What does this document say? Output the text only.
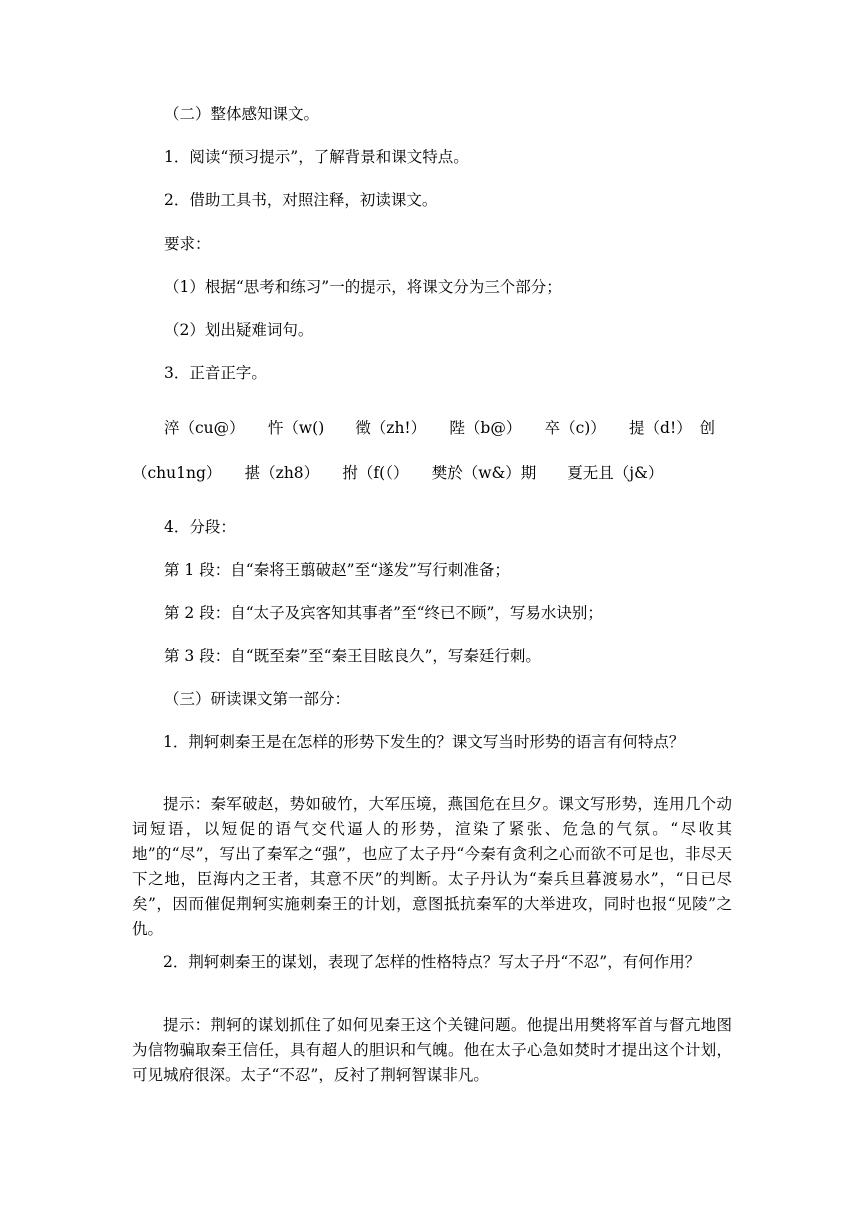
（二）整体感知课文。
1．阅读“预习提示”，了解背景和课文特点。
2．借助工具书，对照注释，初读课文。
要求：
（1）根据“思考和练习”一的提示，将课文分为三个部分；
（2）划出疑难词句。
3．正音正字。
淬（cu@）　　忤（w()　　徵（zh!）　　陛（b@）　　卒（c)）　　提（d!）　创
（chu1ng）　　揕（zh8）　　拊（f(（）　　樊於（w&）期　　夏无且（j&）
4．分段：
第 1 段：自“秦将王翦破赵”至“遂发”写行刺准备；
第 2 段：自“太子及宾客知其事者”至“终已不顾”，写易水诀别；
第 3 段：自“既至秦”至“秦王目眩良久”，写秦廷行刺。
（三）研读课文第一部分：
1．荆轲刺秦王是在怎样的形势下发生的？课文写当时形势的语言有何特点？
提示：秦军破赵，势如破竹，大军压境，燕国危在旦夕。课文写形势，连用几个动词短语，以短促的语气交代逼人的形势，渲染了紧张、危急的气氛。“尽收其地”的“尽”，写出了秦军之“强”，也应了太子丹“今秦有贪利之心而欲不可足也，非尽天下之地，臣海内之王者，其意不厌”的判断。太子丹认为“秦兵旦暮渡易水”，“日已尽矣”，因而催促荆轲实施刺秦王的计划，意图抵抗秦军的大举进攻，同时也报“见陵”之仇。
2．荆轲刺秦王的谋划，表现了怎样的性格特点？写太子丹“不忍”，有何作用？
提示：荆轲的谋划抓住了如何见秦王这个关键问题。他提出用樊将军首与督亢地图为信物骗取秦王信任，具有超人的胆识和气魄。他在太子心急如焚时才提出这个计划，可见城府很深。太子“不忍”，反衬了荆轲智谋非凡。
